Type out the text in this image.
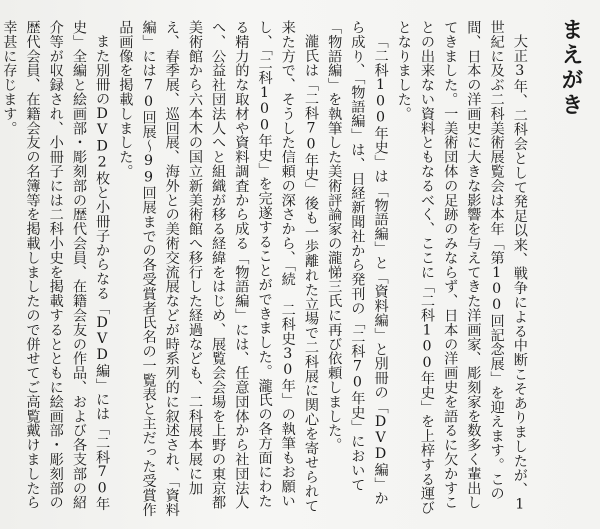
まえがき

大正3年、二科会として発足以来、戦争による中断こそありましたが、1世紀に及ぶ二科美術展覧会は本年「第100回記念展」を迎えます。この間、日本の洋画史に大きな影響を与えてきた洋画家、彫刻家を数多く輩出してきました。一美術団体の足跡のみならず、日本の洋画史を語るに欠かすことの出来ない資料ともなるべく、ここに「二科100年史」を上梓する運びとなりました。

「二科100年史」は「物語編」と「資料編」と別冊の「DVD編」から成り、「物語編」は、日経新聞社から発刊の「二科70年史」において「物語編」を執筆した美術評論家の瀧悌三氏に再び依頼しました。

瀧氏は「二科70年史」後も一歩離れた立場で二科展に関心を寄せられて来た方で、そうした信頼の深さから、「続 二科史30年」の執筆もお願いし、「二科100年史」を完遂することができました。瀧氏の各方面にわたる精力的な取材や資料調査から成る「物語編」には、任意団体から社団法人へ、公益社団法人へと組織が移る経緯をはじめ、展覧会会場を上野の東京都美術館から六本木の国立新美術館へ移行した経過なども、二科展本展に加え、春季展、巡回展、海外との美術交流展などが時系列的に叙述され、「資料編」には70回展～99回展までの各受賞者氏名の一覧表と主だった受賞作品画像を掲載しました。

また別冊のDVD2枚と小冊子からなる「DVD編」には「二科70年史」全編と絵画部・彫刻部の歴代会員、在籍会友の作品、および各支部の紹介等が収録され、小冊子には二科小史を掲載するとともに絵画部・彫刻部の歴代会員、在籍会友の名簿等を掲載しましたので併せてご高覧戴けましたら幸甚に存じます。
